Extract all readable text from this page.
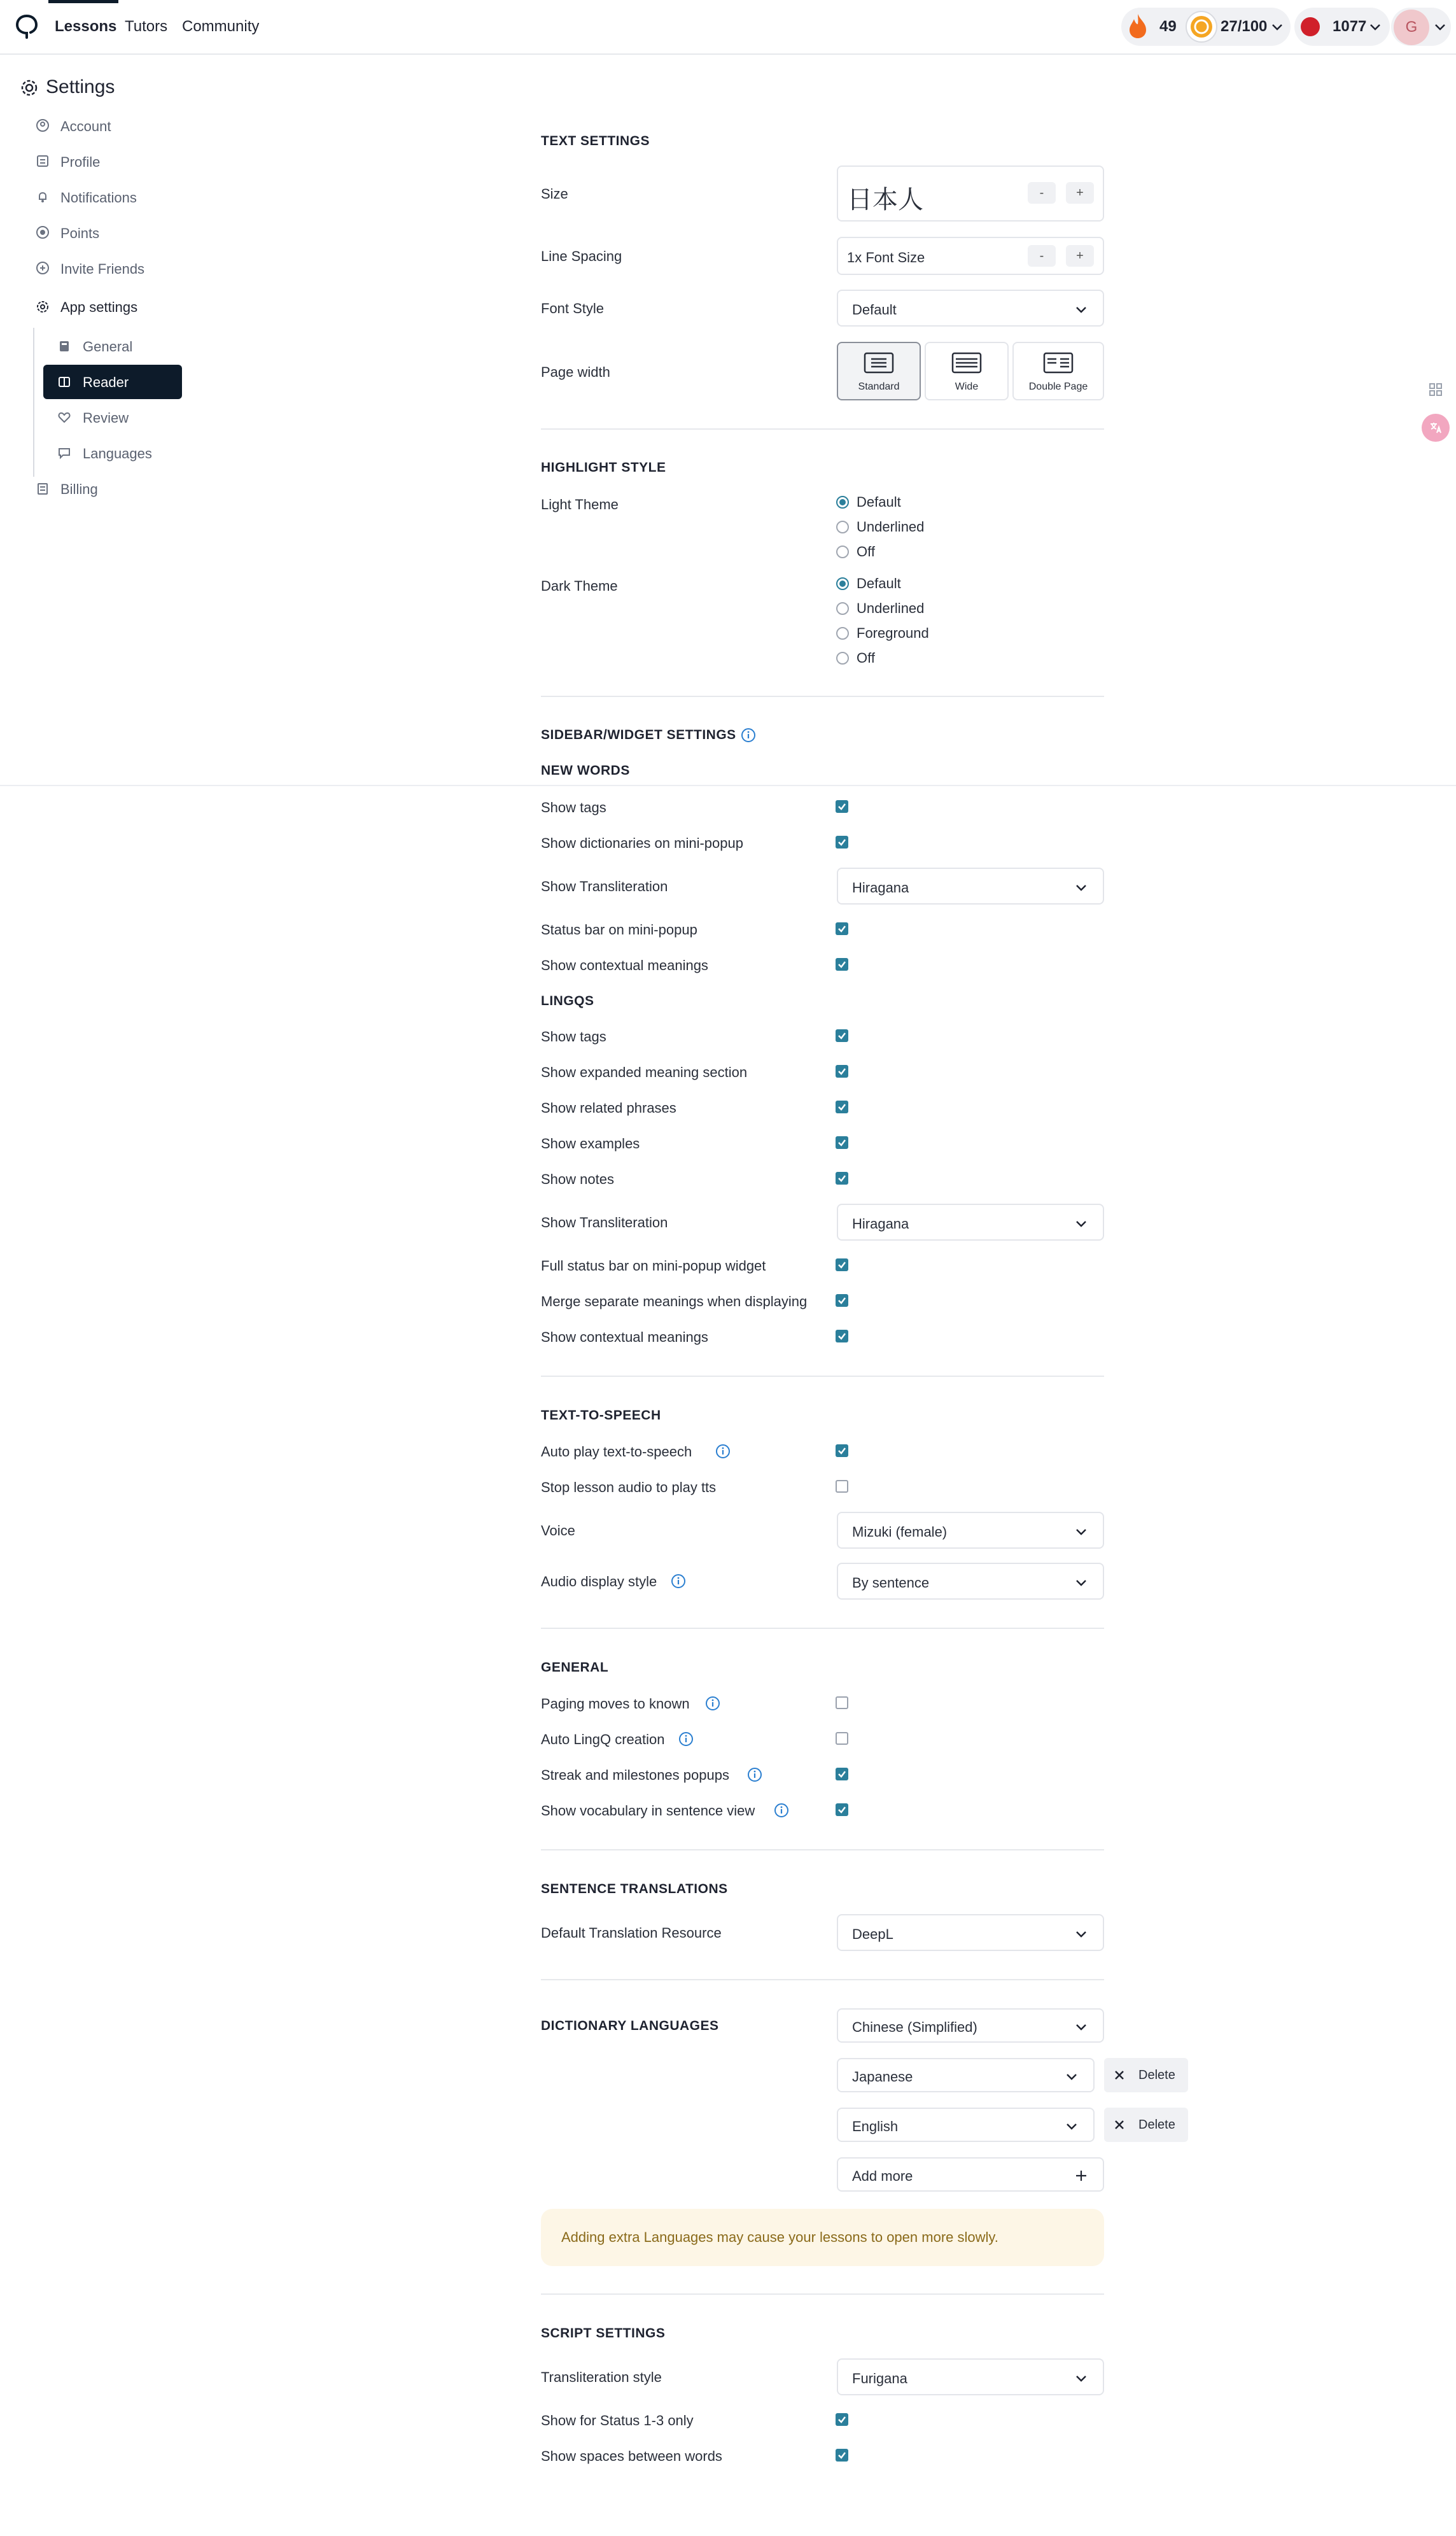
Lessons Tutors Community	49	27/100	1077	G
Settings
Account
Profile
Notifications
Points
Invite Friends
App settings
General
Reader
Review
Languages
Billing
TEXT SETTINGS
Size	日本人	-	+
Line Spacing	1x Font Size	-	+
Font Style	Default
Page width
Standard	Wide	Double Page
HIGHLIGHT STYLE
Light Theme	Default
Underlined
Off
Dark Theme	Default
Underlined
Foreground
Off
SIDEBAR/WIDGET SETTINGS
NEW WORDS
Show tags
Show dictionaries on mini-popup
Show Transliteration	Hiragana
Status bar on mini-popup
Show contextual meanings
LINGQS
Show tags
Show expanded meaning section
Show related phrases
Show examples
Show notes
Show Transliteration	Hiragana
Full status bar on mini-popup widget
Merge separate meanings when displaying
Show contextual meanings
TEXT-TO-SPEECH
Auto play text-to-speech
Stop lesson audio to play tts
Voice	Mizuki (female)
Audio display style	By sentence
GENERAL
Paging moves to known
Auto LingQ creation
Streak and milestones popups
Show vocabulary in sentence view
SENTENCE TRANSLATIONS
Default Translation Resource	DeepL
DICTIONARY LANGUAGES	Chinese (Simplified)
Japanese	Delete
English	Delete
Add more
Adding extra Languages may cause your lessons to open more slowly.
SCRIPT SETTINGS
Transliteration style	Furigana
Show for Status 1-3 only
Show spaces between words
